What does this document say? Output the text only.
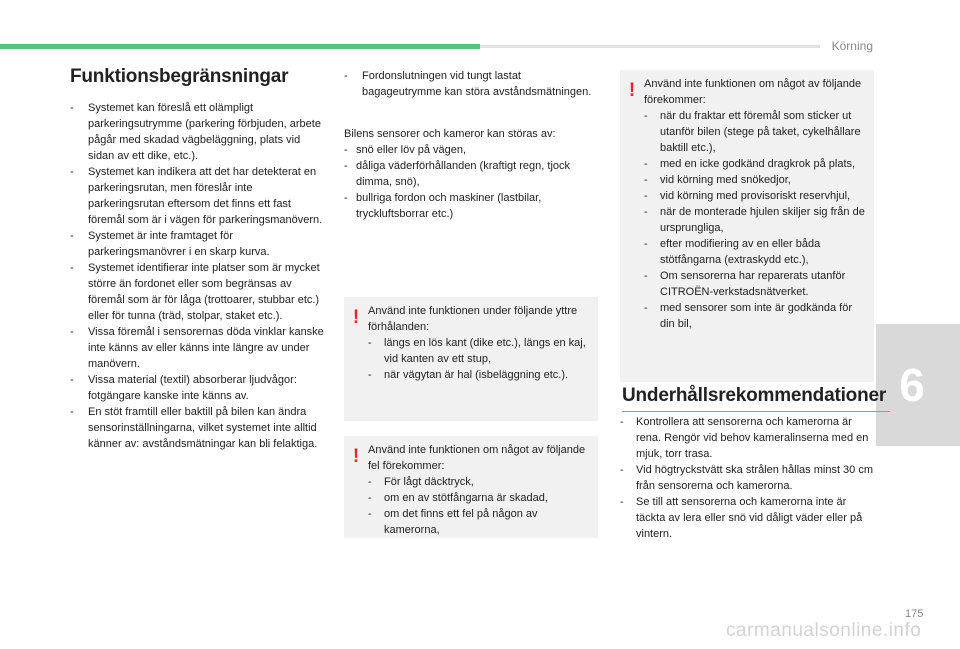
Körning
6
Funktionsbegränsningar
- Systemet kan föreslå ett olämpligt parkeringsutrymme (parkering förbjuden, arbete pågår med skadad vägbeläggning, plats vid sidan av ett dike, etc.).
- Systemet kan indikera att det har detekterat en parkeringsrutan, men föreslår inte parkeringsrutan eftersom det finns ett fast föremål som är i vägen för parkeringsmanövern.
- Systemet är inte framtaget för parkeringsmanövrer i en skarp kurva.
- Systemet identifierar inte platser som är mycket större än fordonet eller som begränsas av föremål som är för låga (trottoarer, stubbar etc.) eller för tunna (träd, stolpar, staket etc.).
- Vissa föremål i sensorernas döda vinklar kanske inte känns av eller känns inte längre av under manövern.
- Vissa material (textil) absorberar ljudvågor: fotgängare kanske inte känns av.
- En stöt framtill eller baktill på bilen kan ändra sensorinställningarna, vilket systemet inte alltid känner av: avståndsmätningar kan bli felaktiga.
- Fordonslutningen vid tungt lastat bagageutrymme kan störa avståndsmätningen.
Bilens sensorer och kameror kan störas av:
- snö eller löv på vägen,
- dåliga väderförhållanden (kraftigt regn, tjock dimma, snö),
- bullriga fordon och maskiner (lastbilar, tryckluftsborrar etc.)
! Använd inte funktionen under följande yttre förhålanden:
- längs en lös kant (dike etc.), längs en kaj, vid kanten av ett stup,
- när vägytan är hal (isbeläggning etc.).
! Använd inte funktionen om något av följande fel förekommer:
- För lågt däcktryck,
- om en av stötfångarna är skadad,
- om det finns ett fel på någon av kamerorna,
! Använd inte funktionen om något av följande förekommer:
- när du fraktar ett föremål som sticker ut utanför bilen (stege på taket, cykelhållare baktill etc.),
- med en icke godkänd dragkrok på plats,
- vid körning med snökedjor,
- vid körning med provisoriskt reservhjul,
- när de monterade hjulen skiljer sig från de ursprungliga,
- efter modifiering av en eller båda stötfångarna (extraskydd etc.),
- Om sensorerna har reparerats utanför CITROËN-verkstadsnätverket.
- med sensorer som inte är godkända för din bil,
Underhållsrekommendationer
- Kontrollera att sensorerna och kamerorna är rena. Rengör vid behov kameralinserna med en mjuk, torr trasa.
- Vid högtryckstvätt ska strålen hållas minst 30 cm från sensorerna och kamerorna.
- Se till att sensorerna och kamerorna inte är täckta av lera eller snö vid dåligt väder eller på vintern.
175
carmanualsonline.info
